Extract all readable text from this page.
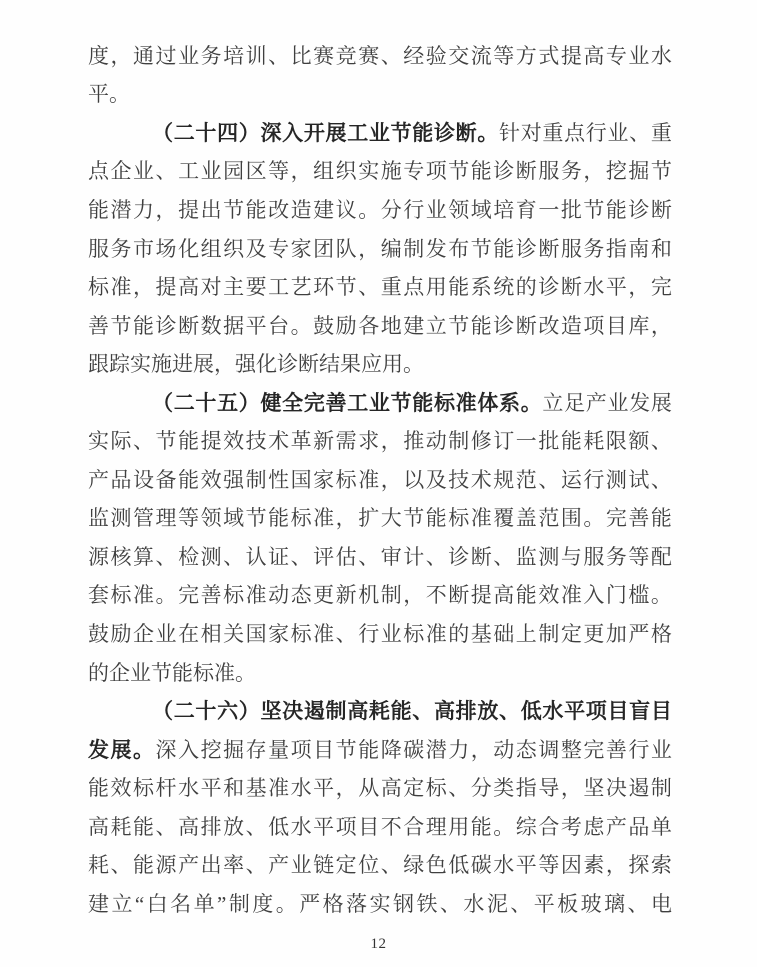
度 ， 通 过 业 务 培 训 、 比 赛 竞 赛 、 经 验 交 流 等 方 式 提 高 专 业 水
平 。
（ 二 十 四 ） 深 入 开 展 工 业 节 能 诊 断 。 针 对 重 点 行 业 、 重
点 企 业 、 工 业 园 区 等 ， 组 织 实 施 专 项 节 能 诊 断 服 务 ， 挖 掘 节
能 潜 力 ， 提 出 节 能 改 造 建 议 。 分 行 业 领 域 培 育 一 批 节 能 诊 断
服 务 市 场 化 组 织 及 专 家 团 队 ， 编 制 发 布 节 能 诊 断 服 务 指 南 和
标 准 ， 提 高 对 主 要 工 艺 环 节 、 重 点 用 能 系 统 的 诊 断 水 平 ， 完
善 节 能 诊 断 数 据 平 台 。 鼓 励 各 地 建 立 节 能 诊 断 改 造 项 目 库 ，
跟 踪 实 施 进 展 ， 强 化 诊 断 结 果 应 用 。
（ 二 十 五 ） 健 全 完 善 工 业 节 能 标 准 体 系 。 立 足 产 业 发 展
实 际 、 节 能 提 效 技 术 革 新 需 求 ， 推 动 制 修 订 一 批 能 耗 限 额 、
产 品 设 备 能 效 强 制 性 国 家 标 准 ， 以 及 技 术 规 范 、 运 行 测 试 、
监 测 管 理 等 领 域 节 能 标 准 ， 扩 大 节 能 标 准 覆 盖 范 围 。 完 善 能
源 核 算 、 检 测 、 认 证 、 评 估 、 审 计 、 诊 断 、 监 测 与 服 务 等 配
套 标 准 。 完 善 标 准 动 态 更 新 机 制 ， 不 断 提 高 能 效 准 入 门 槛 。
鼓 励 企 业 在 相 关 国 家 标 准 、 行 业 标 准 的 基 础 上 制 定 更 加 严 格
的 企 业 节 能 标 准 。
（ 二 十 六 ） 坚 决 遏 制 高 耗 能 、 高 排 放 、 低 水 平 项 目 盲 目
发 展 。 深 入 挖 掘 存 量 项 目 节 能 降 碳 潜 力 ， 动 态 调 整 完 善 行 业
能 效 标 杆 水 平 和 基 准 水 平 ， 从 高 定 标 、 分 类 指 导 ， 坚 决 遏 制
高 耗 能 、 高 排 放 、 低 水 平 项 目 不 合 理 用 能 。 综 合 考 虑 产 品 单
耗 、 能 源 产 出 率 、 产 业 链 定 位 、 绿 色 低 碳 水 平 等 因 素 ， 探 索
建 立 “ 白 名 单 ” 制 度 。 严 格 落 实 钢 铁 、 水 泥 、 平 板 玻 璃 、 电
12
